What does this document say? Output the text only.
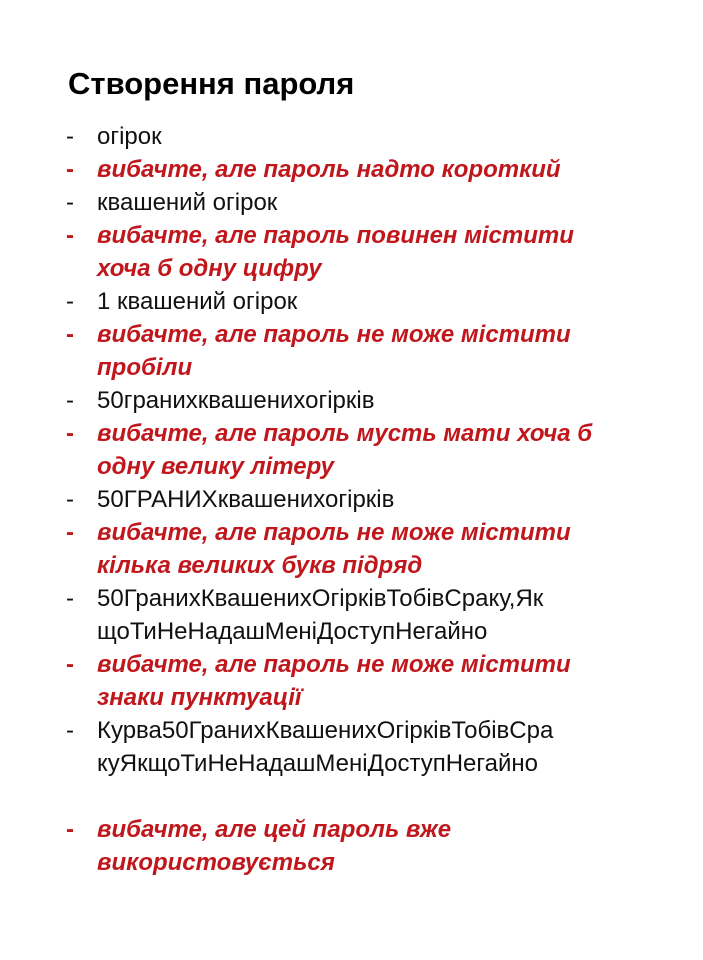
Створення пароля
- огірок
- вибачте, але пароль надто короткий
- квашений огірок
- вибачте, але пароль повинен містити
хоча б одну цифру
- 1 квашений огірок
- вибачте, але пароль не може містити
пробіли
- 50гранихквашенихогірків
- вибачте, але пароль мусть мати хоча б
одну велику літеру
- 50ГРАНИХквашенихогірків
- вибачте, але пароль не може містити
кілька великих букв підряд
- 50ГранихКвашенихОгірківТобівСраку,Як
щоТиНеНадашМеніДоступНегайно
- вибачте, але пароль не може містити
знаки пунктуації
- Курва50ГранихКвашенихОгірківТобівСра
куЯкщоТиНеНадашМеніДоступНегайно
- вибачте, але цей пароль вже
використовується
